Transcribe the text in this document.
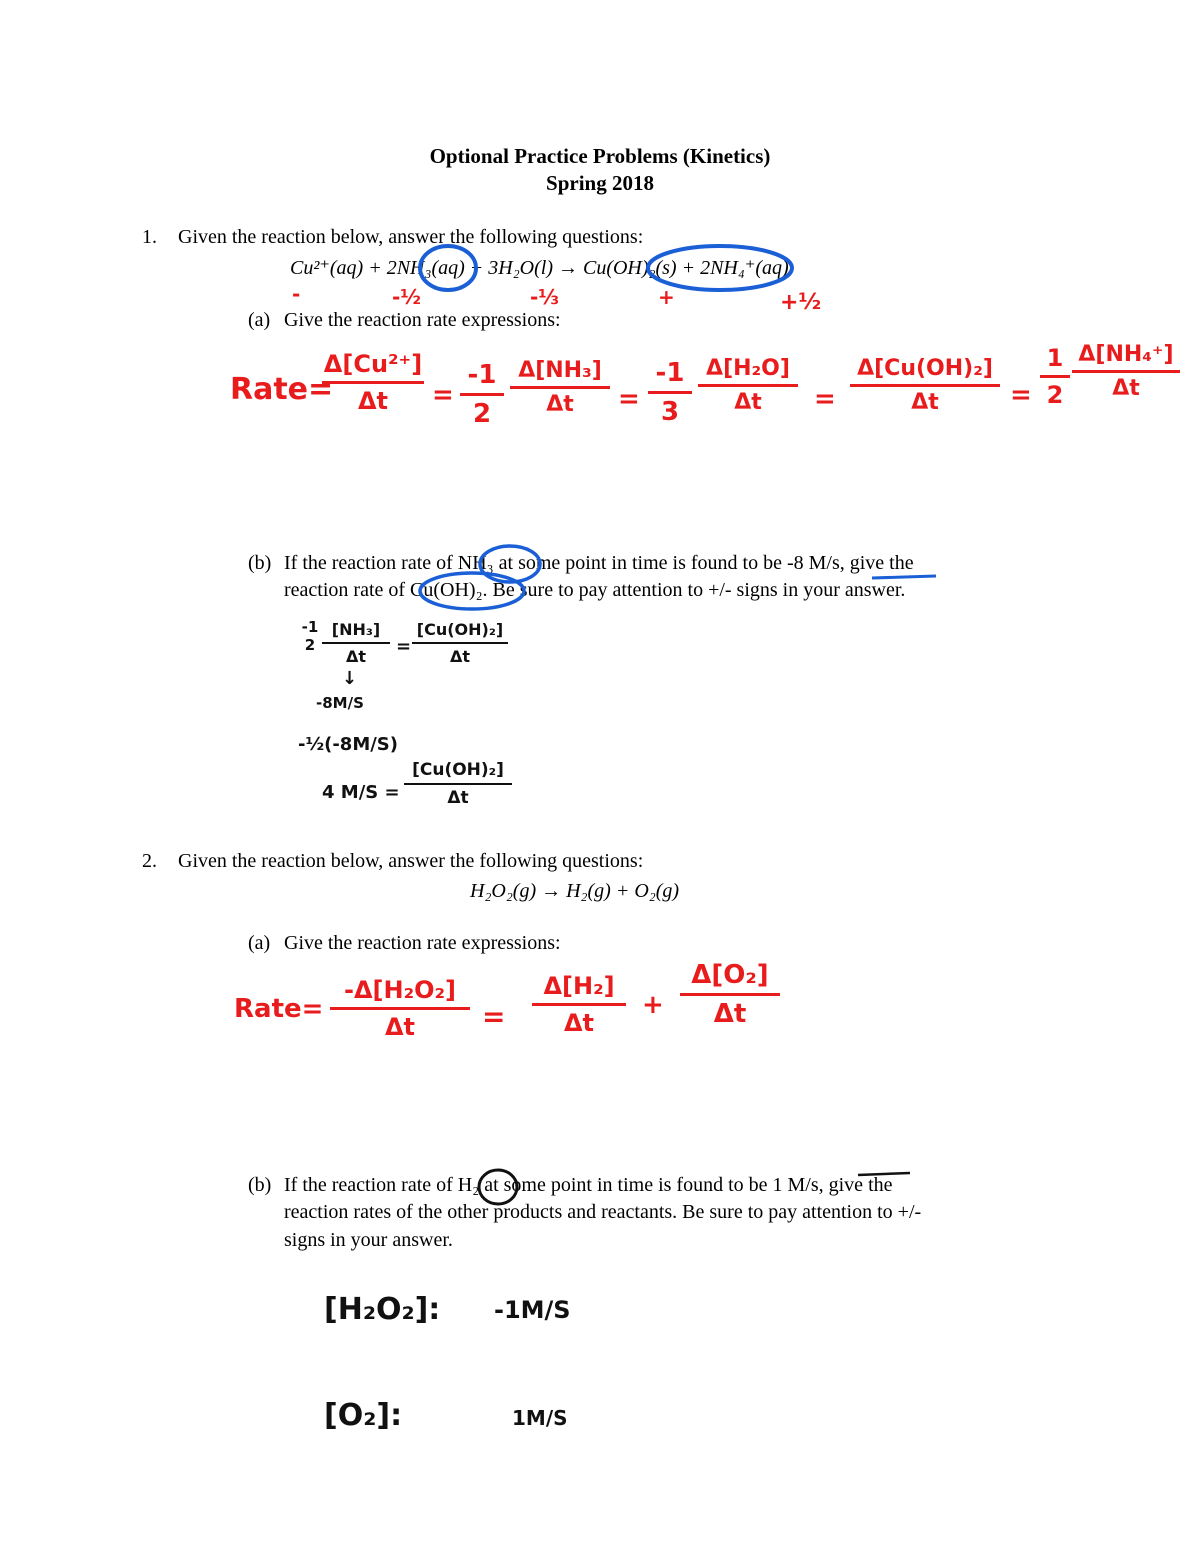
Optional Practice Problems (Kinetics)
Spring 2018
1. Given the reaction below, answer the following questions:
Cu²⁺(aq) + 2NH₃(aq) + 3H₂O(l) → Cu(OH)₂(s) + 2NH₄⁺(aq)
-	-½	-⅓	+	+½
(a) Give the reaction rate expressions:
Rate=
Δ[Cu²⁺]
Δt	=
-1
2
Δ[NH₃]
Δt	=
-1
3
Δ[H₂O]
Δt	=
Δ[Cu(OH)₂]
Δt	=
1
2
Δ[NH₄⁺]
Δt
(b) If the reaction rate of NH₃ at some point in time is found to be -8 M/s, give the
reaction rate of Cu(OH)₂. Be sure to pay attention to +/- signs in your answer.
-1
2
[NH₃]
Δt	=
[Cu(OH)₂]
Δt
↓
-8M/S
-½(-8M/S)
4 M/S =
[Cu(OH)₂]
Δt
2. Given the reaction below, answer the following questions:
H₂O₂(g) → H₂(g) + O₂(g)
(a) Give the reaction rate expressions:
Rate=
-Δ[H₂O₂]
Δt	=
Δ[H₂]
Δt
+
Δ[O₂]
Δt
(b) If the reaction rate of H₂ at some point in time is found to be 1 M/s, give the
reaction rates of the other products and reactants. Be sure to pay attention to +/-
signs in your answer.
[H₂O₂]: -1M/S
[O₂]:	1M/S
